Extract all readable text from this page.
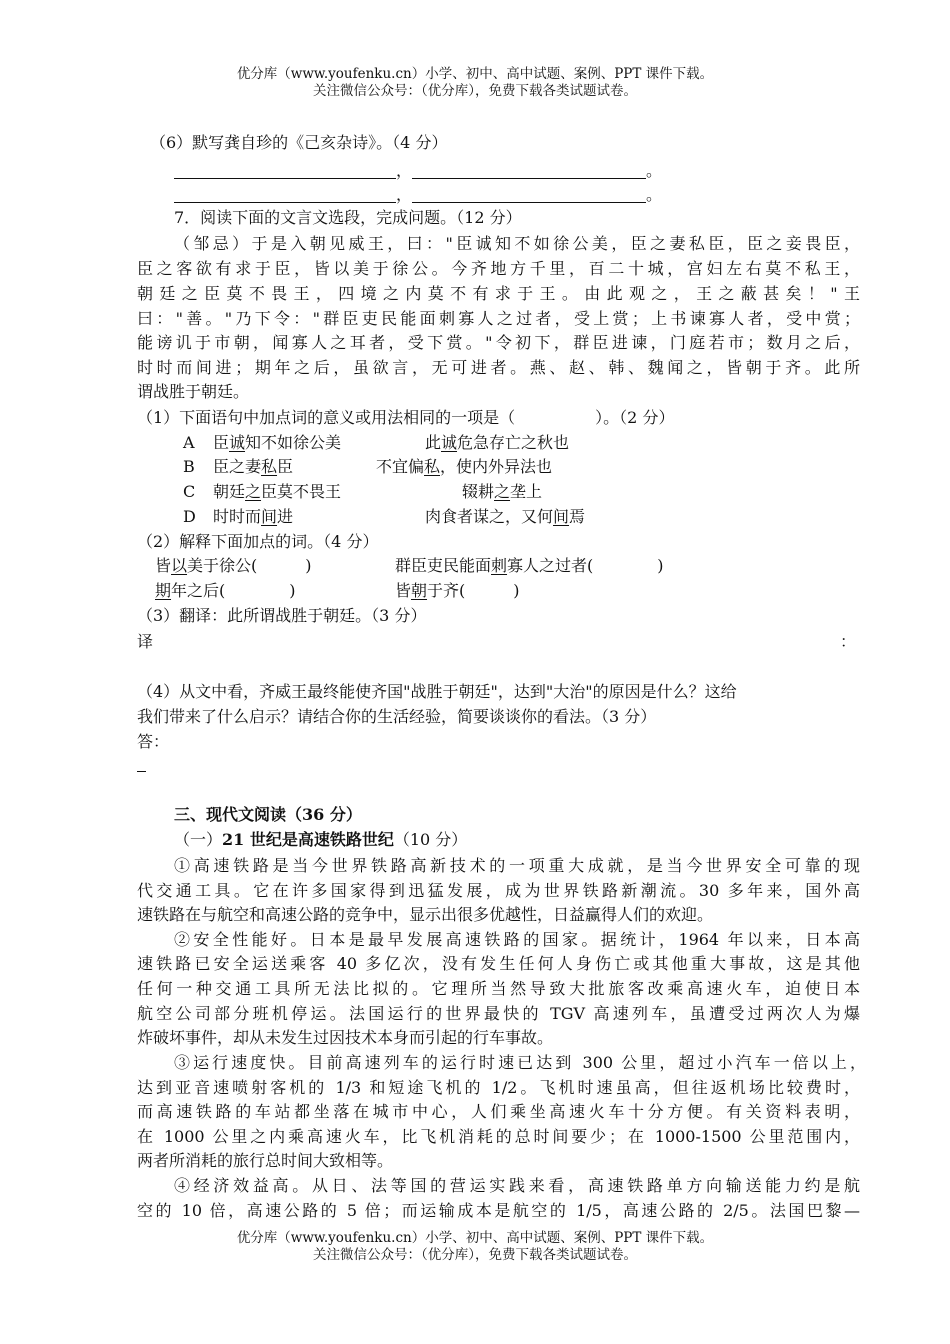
优分库（www.youfenku.cn）小学、初中、高中试题、案例、PPT 课件下载。
关注微信公众号：（优分库），免费下载各类试题试卷。
（6）默写龚自珍的《己亥杂诗》。（4 分）
，	。
，	。
7．阅读下面的文言文选段，完成问题。（12 分）
（邹忌）于是入朝见威王，曰："臣诚知不如徐公美，臣之妻私臣，臣之妾畏臣，
臣之客欲有求于臣，皆以美于徐公。今齐地方千里，百二十城，宫妇左右莫不私王，
朝廷之臣莫不畏王，四境之内莫不有求于王。由此观之，王之蔽甚矣！"王
曰："善。"乃下令："群臣吏民能面刺寡人之过者，受上赏；上书谏寡人者，受中赏；
能谤讥于市朝，闻寡人之耳者，受下赏。"令初下，群臣进谏，门庭若市；数月之后，
时时而间进；期年之后，虽欲言，无可进者。燕、赵、韩、魏闻之，皆朝于齐。此所
谓战胜于朝廷。
（1）下面语句中加点词的意义或用法相同的一项是（　　　　　）。（2 分）
A 臣诚知不如徐公美	此诚危急存亡之秋也
B 臣之妻私臣	不宜偏私，使内外异法也
C 朝廷之臣莫不畏王	辍耕之垄上
D 时时而间进	肉食者谋之，又何间焉
（2）解释下面加点的词。（4 分）
皆以美于徐公(　　　)	群臣吏民能面刺寡人之过者(　　　　)
期年之后(　　　　)	皆朝于齐(　　　)
（3）翻译：此所谓战胜于朝廷。（3 分）
译	：
（4）从文中看，齐威王最终能使齐国"战胜于朝廷"，达到"大治"的原因是什么？这给
我们带来了什么启示？请结合你的生活经验，简要谈谈你的看法。（3 分）
答：
三、现代文阅读（36 分）
（一）21 世纪是高速铁路世纪（10 分）
①高速铁路是当今世界铁路高新技术的一项重大成就，是当今世界安全可靠的现
代交通工具。它在许多国家得到迅猛发展，成为世界铁路新潮流。30 多年来，国外高
速铁路在与航空和高速公路的竞争中，显示出很多优越性，日益赢得人们的欢迎。
②安全性能好。日本是最早发展高速铁路的国家。据统计，1964 年以来，日本高
速铁路已安全运送乘客 40 多亿次，没有发生任何人身伤亡或其他重大事故，这是其他
任何一种交通工具所无法比拟的。它理所当然导致大批旅客改乘高速火车，迫使日本
航空公司部分班机停运。法国运行的世界最快的 TGV 高速列车，虽遭受过两次人为爆
炸破坏事件，却从未发生过因技术本身而引起的行车事故。
③运行速度快。目前高速列车的运行时速已达到 300 公里，超过小汽车一倍以上，
达到亚音速喷射客机的 1/3 和短途飞机的 1/2。飞机时速虽高，但往返机场比较费时，
而高速铁路的车站都坐落在城市中心，人们乘坐高速火车十分方便。有关资料表明，
在 1000 公里之内乘高速火车，比飞机消耗的总时间要少；在 1000-1500 公里范围内，
两者所消耗的旅行总时间大致相等。
④经济效益高。从日、法等国的营运实践来看，高速铁路单方向输送能力约是航
空的 10 倍，高速公路的 5 倍；而运输成本是航空的 1/5，高速公路的 2/5。法国巴黎—
优分库（www.youfenku.cn）小学、初中、高中试题、案例、PPT 课件下载。
关注微信公众号：（优分库），免费下载各类试题试卷。
